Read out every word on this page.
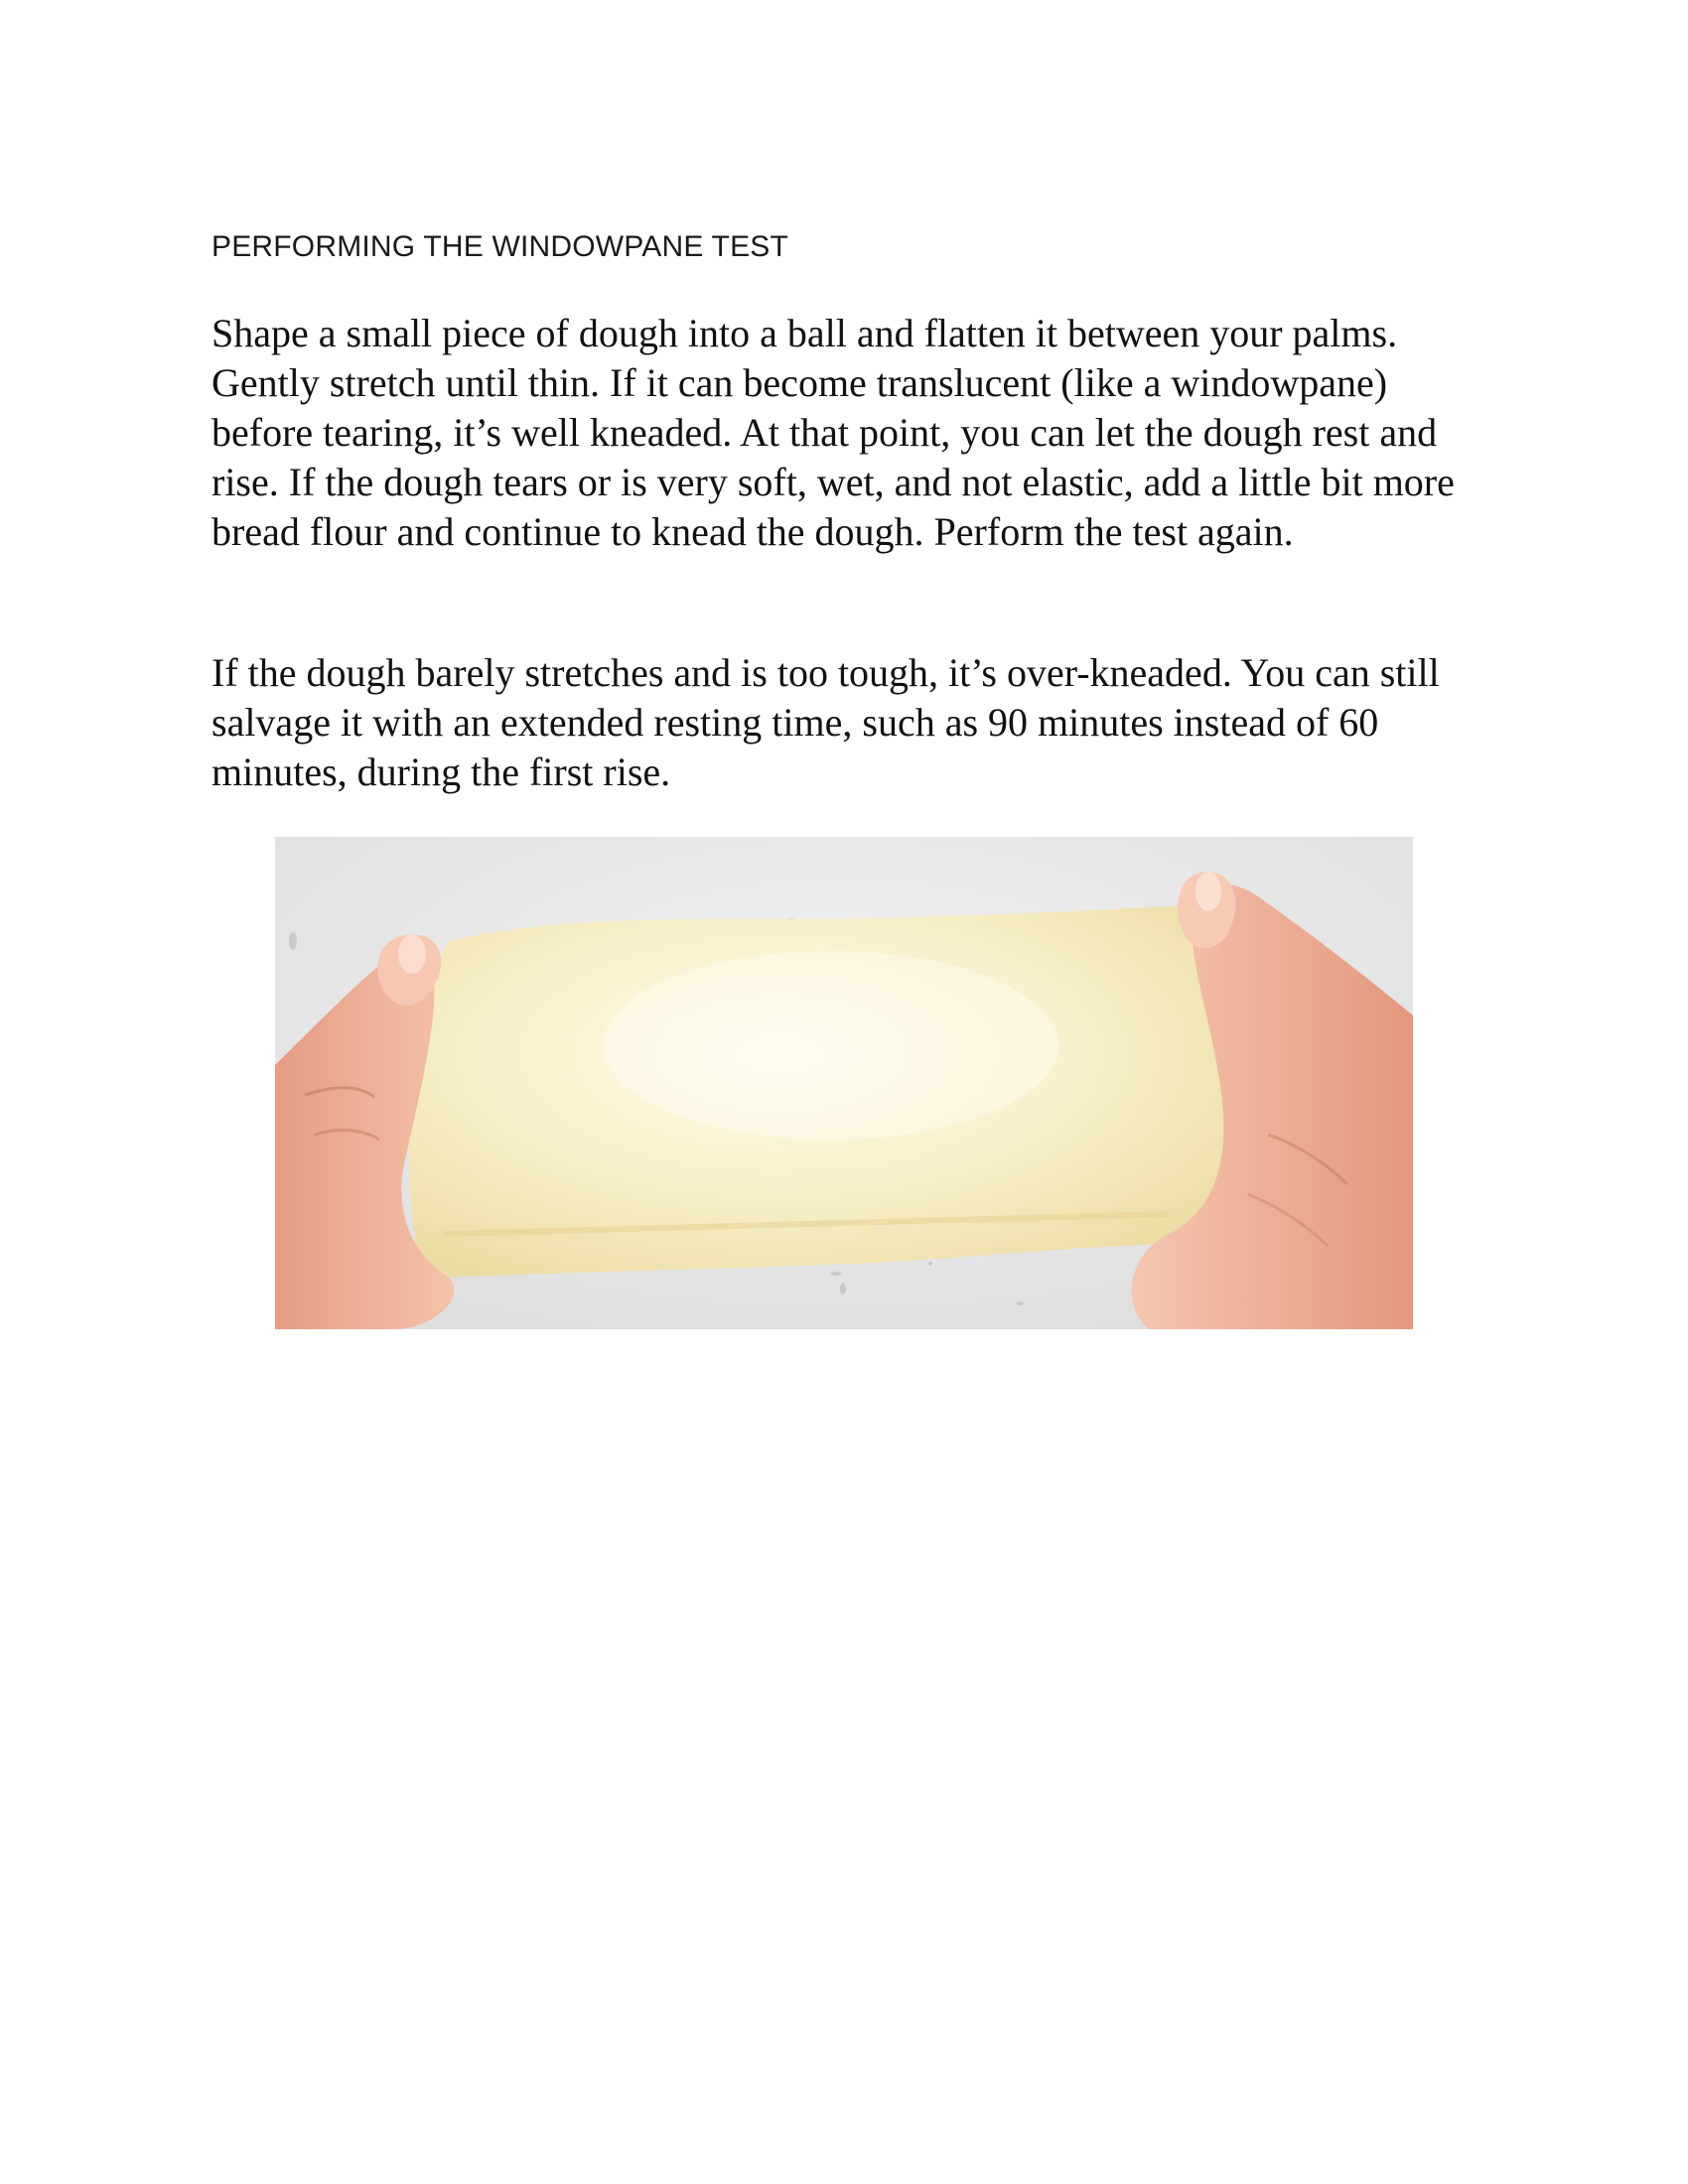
PERFORMING THE WINDOWPANE TEST

Shape a small piece of dough into a ball and flatten it between your palms. Gently stretch until thin. If it can become translucent (like a windowpane) before tearing, it’s well kneaded. At that point, you can let the dough rest and rise. If the dough tears or is very soft, wet, and not elastic, add a little bit more bread flour and continue to knead the dough. Perform the test again.

If the dough barely stretches and is too tough, it’s over-kneaded. You can still salvage it with an extended resting time, such as 90 minutes instead of 60 minutes, during the first rise.
